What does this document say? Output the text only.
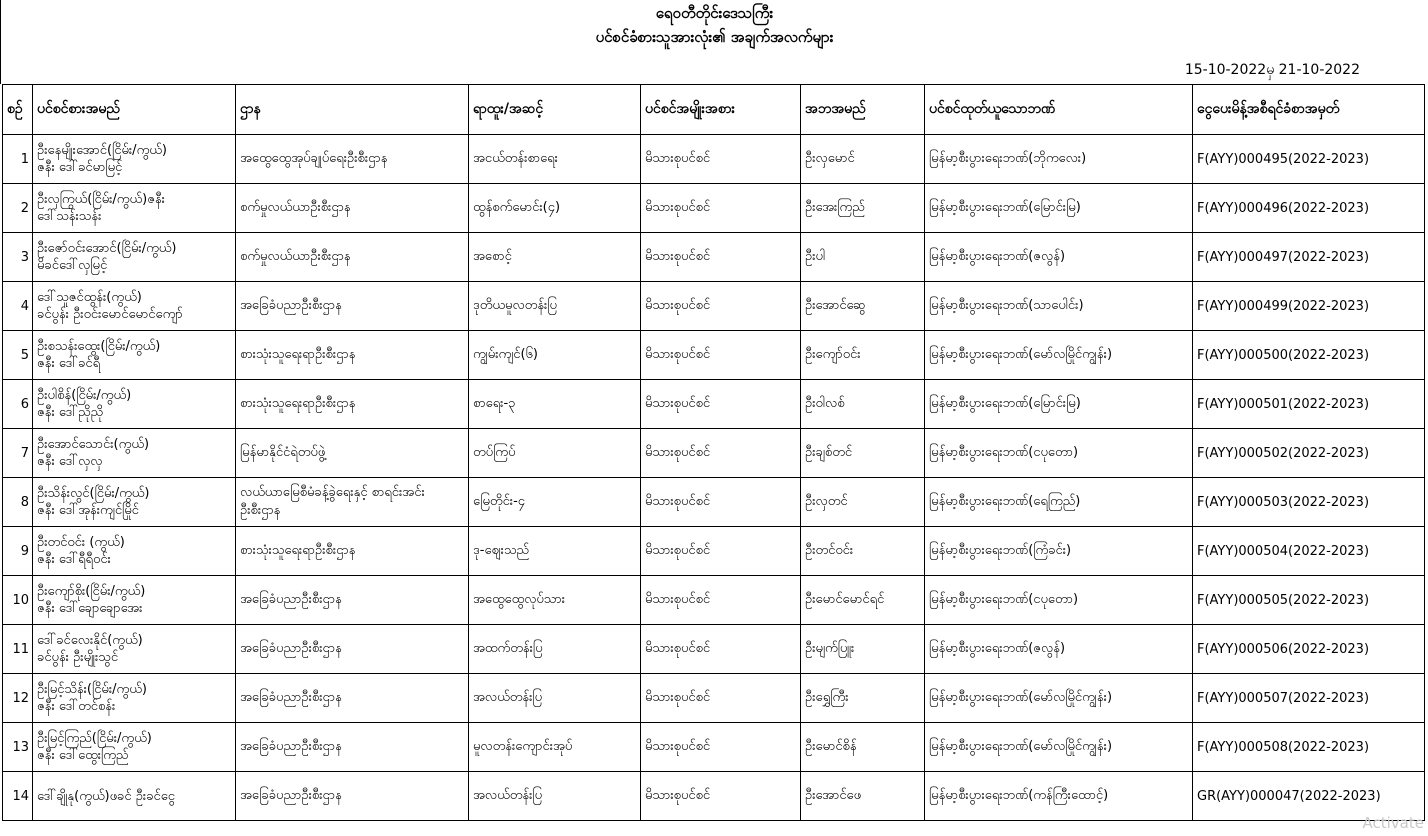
ရေဝတီတိုင်းဒေသကြီး
ပင်စင်ခံစားသူအားလုံး၏ အချက်အလက်များ
15-10-2022မှ 21-10-2022
စဉ်	ပင်စင်စားအမည်	ဌာန	ရာထူး/အဆင့်	ပင်စင်အမျိုးအစား	အဘအမည်	ပင်စင်ထုတ်ယူသောဘဏ်	ငွေပေးမိန့်အစီရင်ခံစာအမှတ်
1	ဦးနေမျိုးအောင်(ငြိမ်း/ကွယ်)
ဇနီး ဒေါ်ခင်မာမြင့်	အထွေထွေအုပ်ချုပ်ရေးဦးစီးဌာန	အငယ်တန်းစာရေး	မိသားစုပင်စင်	ဦးလှမောင်	မြန်မာ့စီးပွားရေးဘဏ်(ဘိုကလေး)	F(AYY)000495(2022-2023)
2	ဦးလှကြွယ်(ငြိမ်း/ကွယ်)ဇနီး
ဒေါ်သန်းသန်း	စက်မှုလယ်ယာဦးစီးဌာန	ထွန်စက်မောင်း(၄)	မိသားစုပင်စင်	ဦးအေးကြည်	မြန်မာ့စီးပွားရေးဘဏ်(မြောင်းမြ)	F(AYY)000496(2022-2023)
3	ဦးဇော်ဝင်းအောင်(ငြိမ်း/ကွယ်)
မိခင်ဒေါ်လှမြင့်	စက်မှုလယ်ယာဦးစီးဌာန	အစောင့်	မိသားစုပင်စင်	ဦးပါ	မြန်မာ့စီးပွားရေးဘဏ်(ဇလွန်)	F(AYY)000497(2022-2023)
4	ဒေါ်သူဇင်ထွန်း(ကွယ်)
ခင်ပွန်း ဦးဝင်းမောင်မောင်ကျော်	အခြေခံပညာဦးစီးဌာန	ဒုတိယမူလတန်းပြ	မိသားစုပင်စင်	ဦးအောင်ဆွေ	မြန်မာ့စီးပွားရေးဘဏ်(သာပေါင်း)	F(AYY)000499(2022-2023)
5	ဦးစသန်းထွေး(ငြိမ်း/ကွယ်)
ဇနီး ဒေါ်ခင်ရီ	စားသုံးသူရေးရာဦးစီးဌာန	ကျွမ်းကျင်(၆)	မိသားစုပင်စင်	ဦးကျော်ဝင်း	မြန်မာ့စီးပွားရေးဘဏ်(မော်လမြိုင်ကျွန်း)	F(AYY)000500(2022-2023)
6	ဦးပါစိန်(ငြိမ်း/ကွယ်)
ဇနီး ဒေါ်ညိုညို	စားသုံးသူရေးရာဦးစီးဌာန	စာရေး-၃	မိသားစုပင်စင်	ဦးဝါလစ်	မြန်မာ့စီးပွားရေးဘဏ်(မြောင်းမြ)	F(AYY)000501(2022-2023)
7	ဦးအောင်သောင်း(ကွယ်)
ဇနီး ဒေါ်လှလှ	မြန်မာနိုင်ငံရဲတပ်ဖွဲ့	တပ်ကြပ်	မိသားစုပင်စင်	ဦးချစ်တင်	မြန်မာ့စီးပွားရေးဘဏ်(ငပုတော)	F(AYY)000502(2022-2023)
8	ဦးသိန်းလွင်(ငြိမ်း/ကွယ်)
ဇနီး ဒေါ်အုန်းကျင်မြိုင်	လယ်ယာမြေစီမံခန့်ခွဲရေးနှင့် စာရင်းအင်းဦးစီးဌာန	မြေတိုင်း-၄	မိသားစုပင်စင်	ဦးလှတင်	မြန်မာ့စီးပွားရေးဘဏ်(ရေကြည်)	F(AYY)000503(2022-2023)
9	ဦးတင်ဝင်း (ကွယ်)
ဇနီး ဒေါ်ရီရီဝင်း	စားသုံးသူရေးရာဦးစီးဌာန	ဒု-ဈေးသည်	မိသားစုပင်စင်	ဦးတင်ဝင်း	မြန်မာ့စီးပွားရေးဘဏ်(ကြံခင်း)	F(AYY)000504(2022-2023)
10	ဦးကျော်စိုး(ငြိမ်း/ကွယ်)
ဇနီး ဒေါ်ချောချောအေး	အခြေခံပညာဦးစီးဌာန	အထွေထွေလုပ်သား	မိသားစုပင်စင်	ဦးမောင်မောင်ရင်	မြန်မာ့စီးပွားရေးဘဏ်(ငပုတော)	F(AYY)000505(2022-2023)
11	ဒေါ်ခင်လေးနိုင်(ကွယ်)
ခင်ပွန်း ဦးမျိုးသွင်	အခြေခံပညာဦးစီးဌာန	အထက်တန်းပြ	မိသားစုပင်စင်	ဦးမျက်ပြူး	မြန်မာ့စီးပွားရေးဘဏ်(ဇလွန်)	F(AYY)000506(2022-2023)
12	ဦးမြင့်သိန်း(ငြိမ်း/ကွယ်)
ဇနီး ဒေါ်တင်စန်း	အခြေခံပညာဦးစီးဌာန	အလယ်တန်းပြ	မိသားစုပင်စင်	ဦးရွှေကြီး	မြန်မာ့စီးပွားရေးဘဏ်(မော်လမြိုင်ကျွန်း)	F(AYY)000507(2022-2023)
13	ဦးမြင့်ကြည်(ငြိမ်း/ကွယ်)
ဇနီး ဒေါ်ထွေးကြည်	အခြေခံပညာဦးစီးဌာန	မူလတန်းကျောင်းအုပ်	မိသားစုပင်စင်	ဦးမောင်စိန်	မြန်မာ့စီးပွားရေးဘဏ်(မော်လမြိုင်ကျွန်း)	F(AYY)000508(2022-2023)
14	ဒေါ်ချိုနု(ကွယ်)ဖခင် ဦးခင်ငွေ	အခြေခံပညာဦးစီးဌာန	အလယ်တန်းပြ	မိသားစုပင်စင်	ဦးအောင်ဖေ	မြန်မာ့စီးပွားရေးဘဏ်(ကန်ကြီးထောင့်)	GR(AYY)000047(2022-2023)
Activate
